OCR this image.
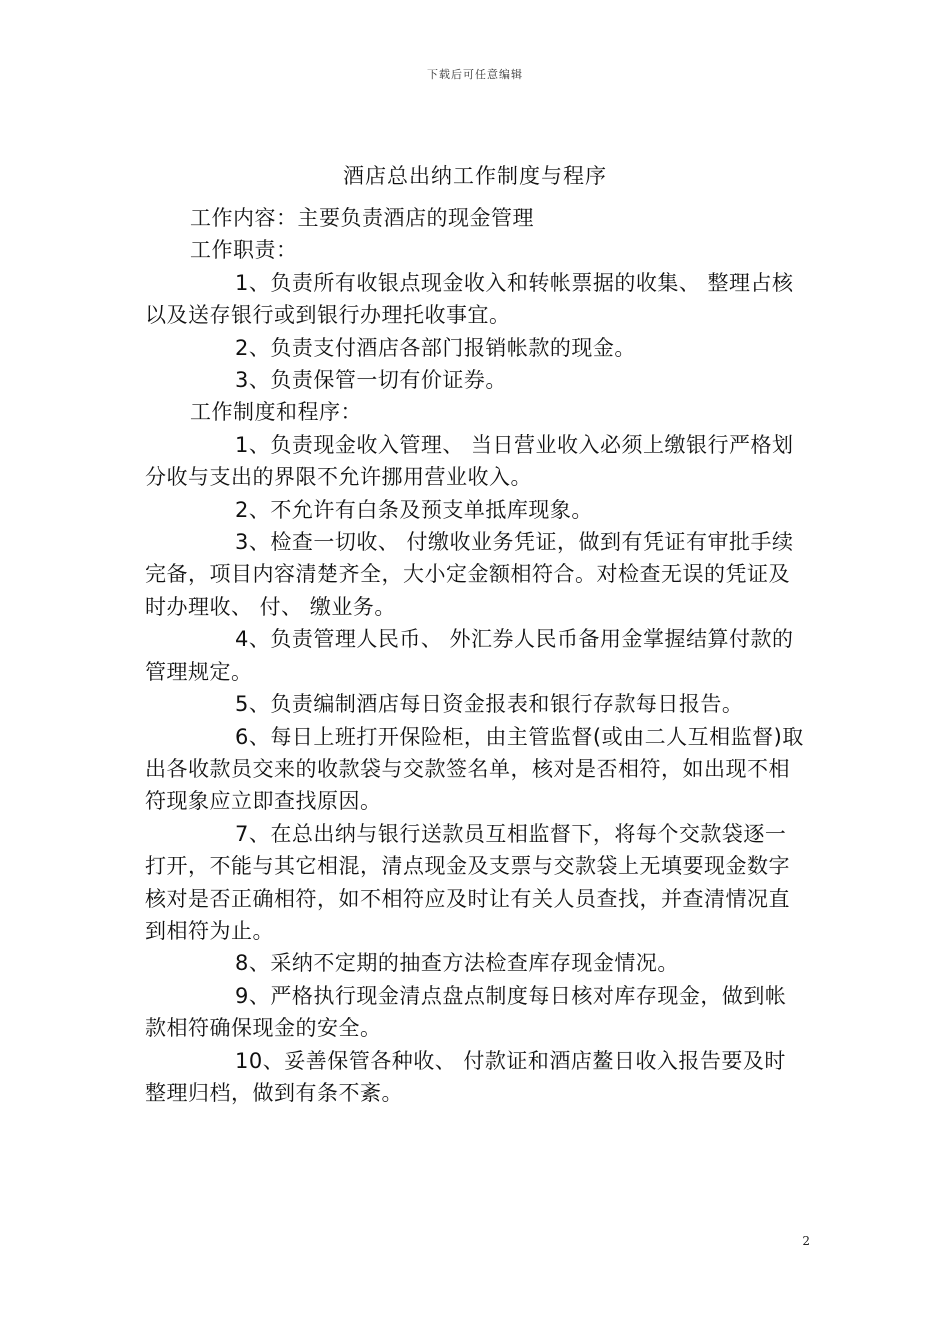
下载后可任意编辑
酒店总出纳工作制度与程序

工作内容：主要负责酒店的现金管理

工作职责：

1、负责所有收银点现金收入和转帐票据的收集、 整理占核以及送存银行或到银行办理托收事宜。

2、负责支付酒店各部门报销帐款的现金。

3、负责保管一切有价证券。

工作制度和程序：

1、负责现金收入管理、 当日营业收入必须上缴银行严格划分收与支出的界限不允许挪用营业收入。

2、不允许有白条及预支单抵库现象。

3、检查一切收、 付缴收业务凭证，做到有凭证有审批手续完备，项目内容清楚齐全，大小定金额相符合。对检查无误的凭证及时办理收、 付、 缴业务。

4、负责管理人民币、 外汇券人民币备用金掌握结算付款的管理规定。

5、负责编制酒店每日资金报表和银行存款每日报告。

6、每日上班打开保险柜，由主管监督(或由二人互相监督)取出各收款员交来的收款袋与交款签名单，核对是否相符，如出现不相符现象应立即查找原因。

7、在总出纳与银行送款员互相监督下，将每个交款袋逐一打开，不能与其它相混，清点现金及支票与交款袋上无填要现金数字核对是否正确相符，如不相符应及时让有关人员查找，并查清情况直到相符为止。

8、采纳不定期的抽查方法检查库存现金情况。

9、严格执行现金清点盘点制度每日核对库存现金，做到帐款相符确保现金的安全。

10、妥善保管各种收、 付款证和酒店鳌日收入报告要及时整理归档，做到有条不紊。

2
